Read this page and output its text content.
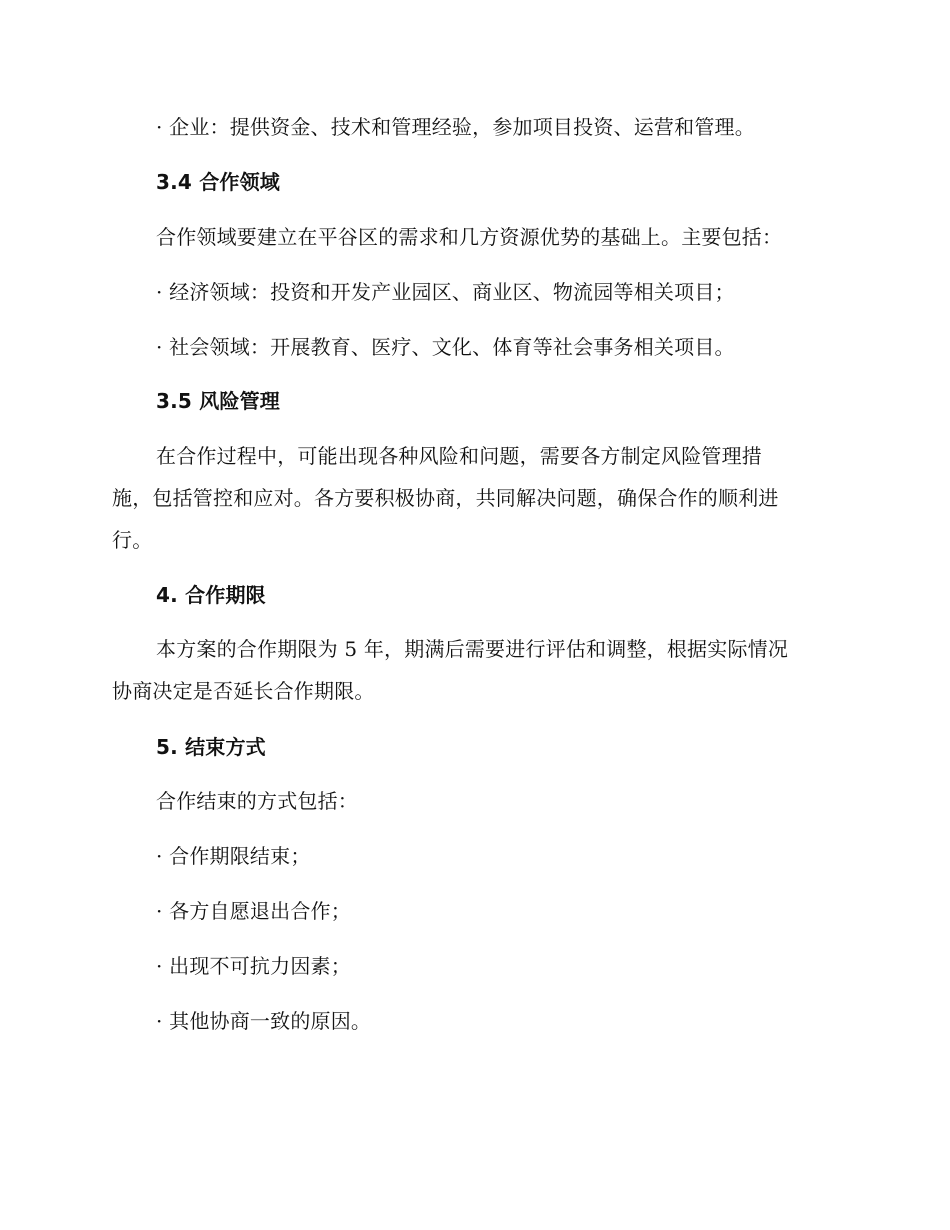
· 企业：提供资金、技术和管理经验，参加项目投资、运营和管理。
3.4 合作领域
合作领域要建立在平谷区的需求和几方资源优势的基础上。主要包括：
· 经济领域：投资和开发产业园区、商业区、物流园等相关项目；
· 社会领域：开展教育、医疗、文化、体育等社会事务相关项目。
3.5 风险管理
在合作过程中，可能出现各种风险和问题，需要各方制定风险管理措
施，包括管控和应对。各方要积极协商，共同解决问题，确保合作的顺利进
行。
4. 合作期限
本方案的合作期限为 5 年，期满后需要进行评估和调整，根据实际情况
协商决定是否延长合作期限。
5. 结束方式
合作结束的方式包括：
· 合作期限结束；
· 各方自愿退出合作；
· 出现不可抗力因素；
· 其他协商一致的原因。
